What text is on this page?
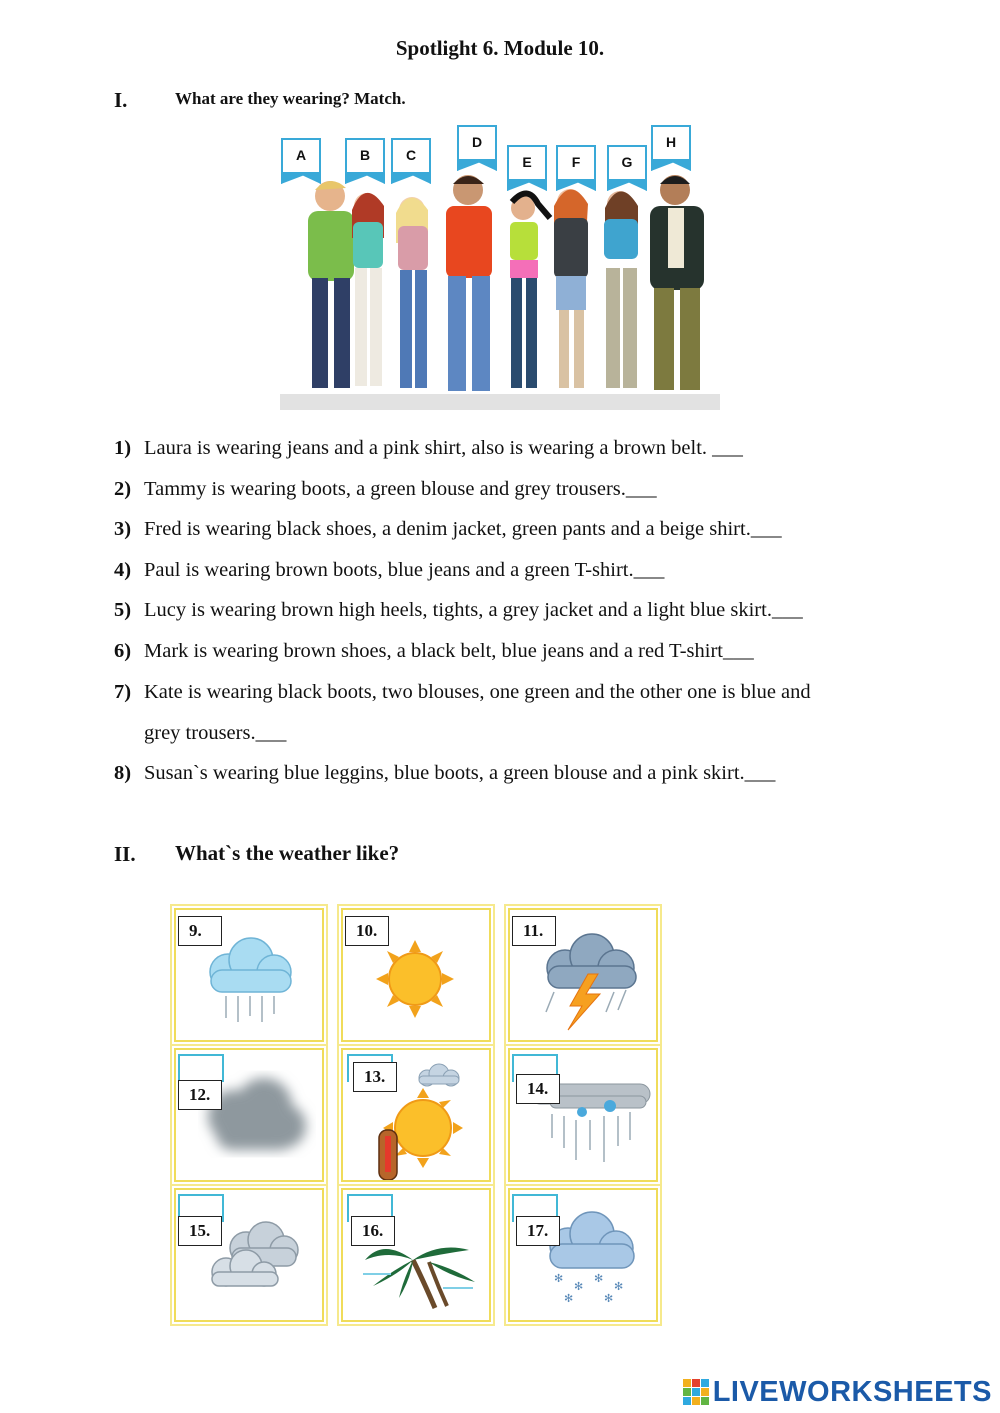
Spotlight 6. Module 10.
I.	What are they wearing? Match.
A	B	C
D
E	F	G
H
1) Laura is wearing jeans and a pink shirt, also is wearing a brown belt. ___
2) Tammy is wearing boots, a green blouse and grey trousers.___
3) Fred is wearing black shoes, a denim jacket, green pants and a beige shirt.___
4) Paul is wearing brown boots, blue jeans and a green T-shirt.___
5) Lucy is wearing brown high heels, tights, a grey jacket and a light blue skirt.___
6) Mark is wearing brown shoes, a black belt, blue jeans and a red T-shirt___
7) Kate is wearing black boots, two blouses, one green and the other one is blue and
grey trousers.___
8) Susan`s wearing blue leggins, blue boots, a green blouse and a pink skirt.___
II. What`s the weather like?
9.	10.	11.
12.
13.
14.
15.	16.
✻
✻
✻
✻
✻	✻
17.
LIVEWORKSHEETS
